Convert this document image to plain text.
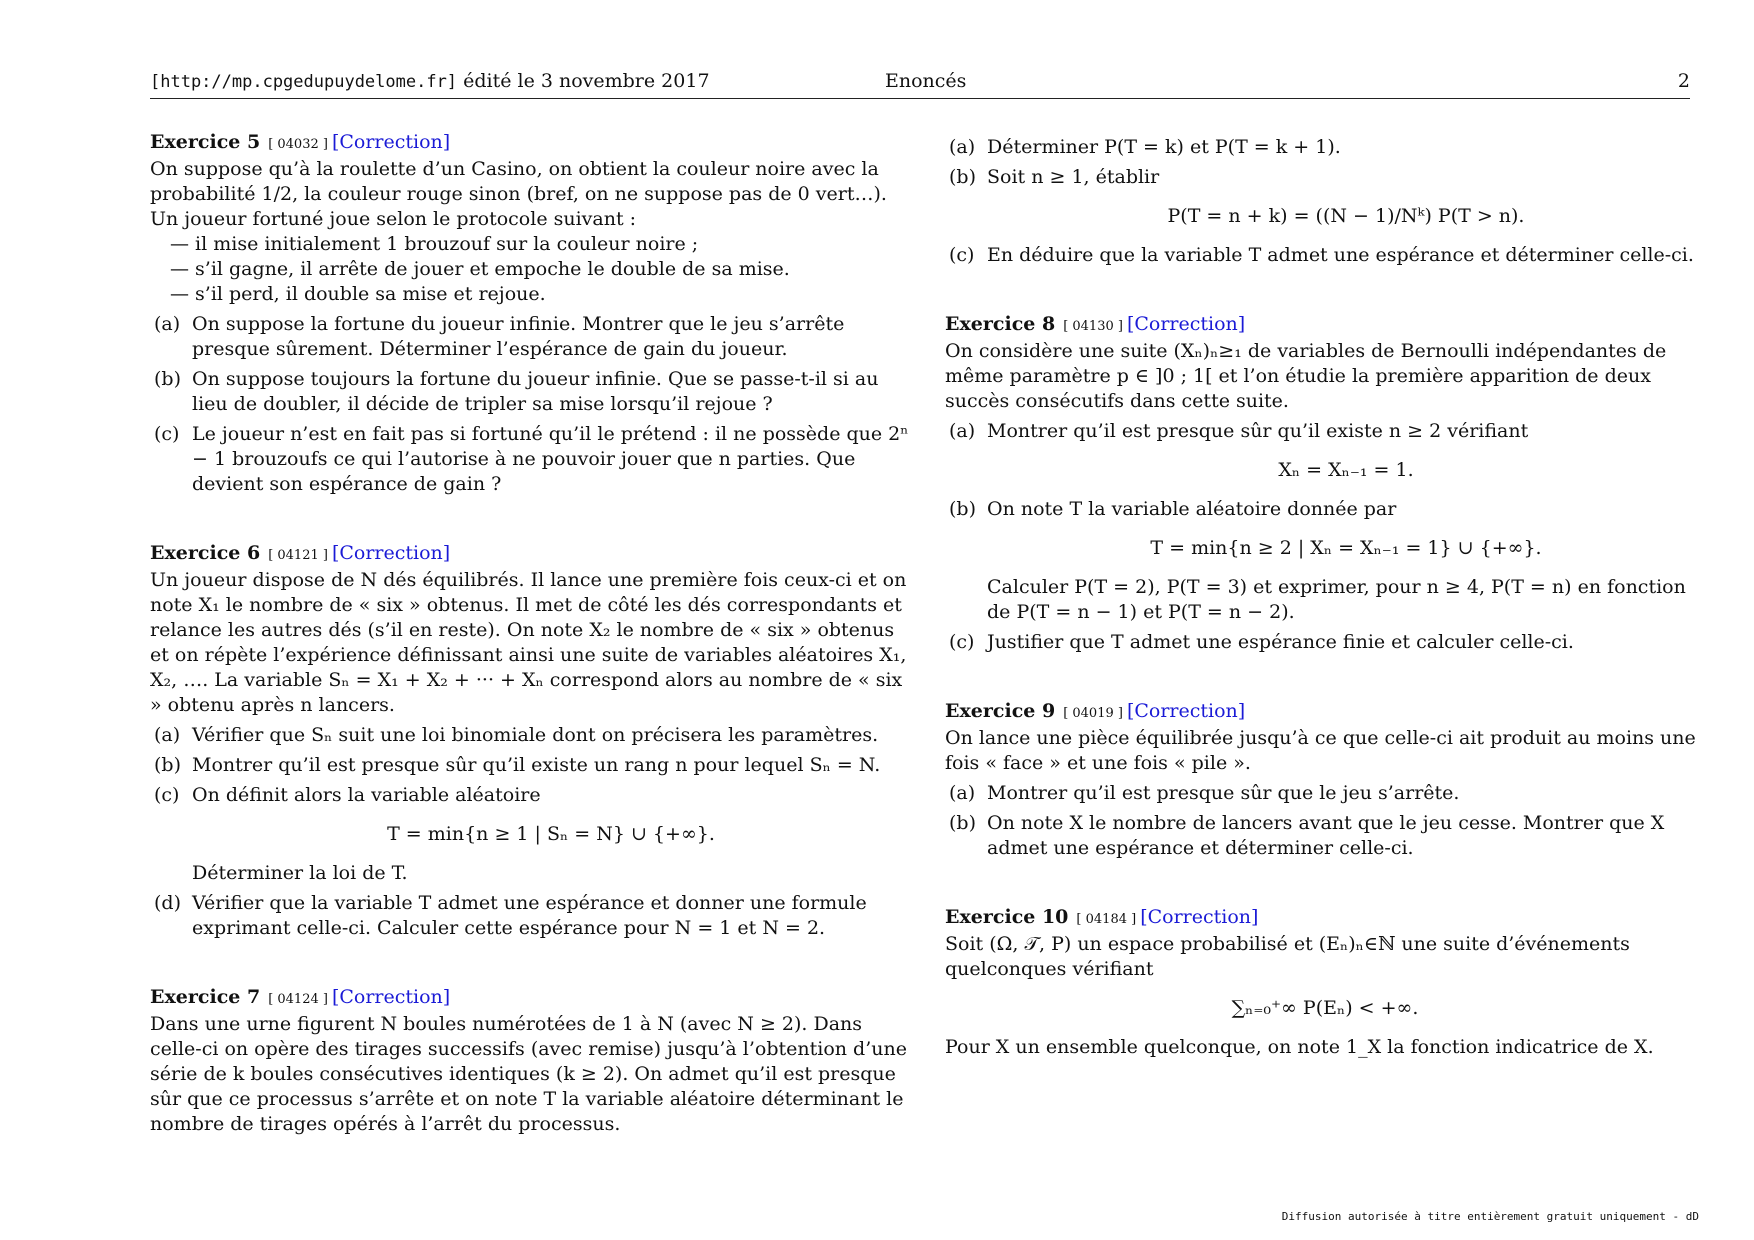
[http://mp.cpgedupuydelome.fr] édité le 3 novembre 2017	Enoncés	2
Exercice 5 [ 04032 ] [Correction]

On suppose qu’à la roulette d’un Casino, on obtient la couleur noire avec la probabilité 1/2, la couleur rouge sinon (bref, on ne suppose pas de 0 vert…). Un joueur fortuné joue selon le protocole suivant :

— il mise initialement 1 brouzouf sur la couleur noire ;
— s’il gagne, il arrête de jouer et empoche le double de sa mise.
— s’il perd, il double sa mise et rejoue.
(a) On suppose la fortune du joueur infinie. Montrer que le jeu s’arrête presque sûrement. Déterminer l’espérance de gain du joueur.
(b) On suppose toujours la fortune du joueur infinie. Que se passe-t-il si au lieu de doubler, il décide de tripler sa mise lorsqu’il rejoue ?
(c) Le joueur n’est en fait pas si fortuné qu’il le prétend : il ne possède que 2ⁿ − 1 brouzoufs ce qui l’autorise à ne pouvoir jouer que n parties. Que devient son espérance de gain ?
Exercice 6 [ 04121 ] [Correction]

Un joueur dispose de N dés équilibrés. Il lance une première fois ceux-ci et on note X₁ le nombre de « six » obtenus. Il met de côté les dés correspondants et relance les autres dés (s’il en reste). On note X₂ le nombre de « six » obtenus et on répète l’expérience définissant ainsi une suite de variables aléatoires X₁, X₂, …. La variable Sₙ = X₁ + X₂ + ··· + Xₙ correspond alors au nombre de « six » obtenu après n lancers.

(a) Vérifier que Sₙ suit une loi binomiale dont on précisera les paramètres.
(b) Montrer qu’il est presque sûr qu’il existe un rang n pour lequel Sₙ = N.
(c) On définit alors la variable aléatoire
T = min{n ≥ 1 | Sₙ = N} ∪ {+∞}.
Déterminer la loi de T.
(d) Vérifier que la variable T admet une espérance et donner une formule exprimant celle-ci. Calculer cette espérance pour N = 1 et N = 2.
Exercice 7 [ 04124 ] [Correction]

Dans une urne figurent N boules numérotées de 1 à N (avec N ≥ 2). Dans celle-ci on opère des tirages successifs (avec remise) jusqu’à l’obtention d’une série de k boules consécutives identiques (k ≥ 2). On admet qu’il est presque sûr que ce processus s’arrête et on note T la variable aléatoire déterminant le nombre de tirages opérés à l’arrêt du processus.

(a) Déterminer P(T = k) et P(T = k + 1).
(b) Soit n ≥ 1, établir
P(T = n + k) = ((N − 1)/Nᵏ) P(T > n).
(c) En déduire que la variable T admet une espérance et déterminer celle-ci.
Exercice 8 [ 04130 ] [Correction]

On considère une suite (Xₙ)ₙ≥₁ de variables de Bernoulli indépendantes de même paramètre p ∈ ]0 ; 1[ et l’on étudie la première apparition de deux succès consécutifs dans cette suite.

(a) Montrer qu’il est presque sûr qu’il existe n ≥ 2 vérifiant
Xₙ = Xₙ₋₁ = 1.
(b) On note T la variable aléatoire donnée par
T = min{n ≥ 2 | Xₙ = Xₙ₋₁ = 1} ∪ {+∞}.
Calculer P(T = 2), P(T = 3) et exprimer, pour n ≥ 4, P(T = n) en fonction de P(T = n − 1) et P(T = n − 2).
(c) Justifier que T admet une espérance finie et calculer celle-ci.
Exercice 9 [ 04019 ] [Correction]

On lance une pièce équilibrée jusqu’à ce que celle-ci ait produit au moins une fois « face » et une fois « pile ».

(a) Montrer qu’il est presque sûr que le jeu s’arrête.
(b) On note X le nombre de lancers avant que le jeu cesse. Montrer que X admet une espérance et déterminer celle-ci.
Exercice 10 [ 04184 ] [Correction]

Soit (Ω, 𝒯, P) un espace probabilisé et (Eₙ)ₙ∈ℕ une suite d’événements quelconques vérifiant

∑ₙ₌₀⁺∞ P(Eₙ) < +∞.

Pour X un ensemble quelconque, on note 1_X la fonction indicatrice de X.

Diffusion autorisée à titre entièrement gratuit uniquement - dD
